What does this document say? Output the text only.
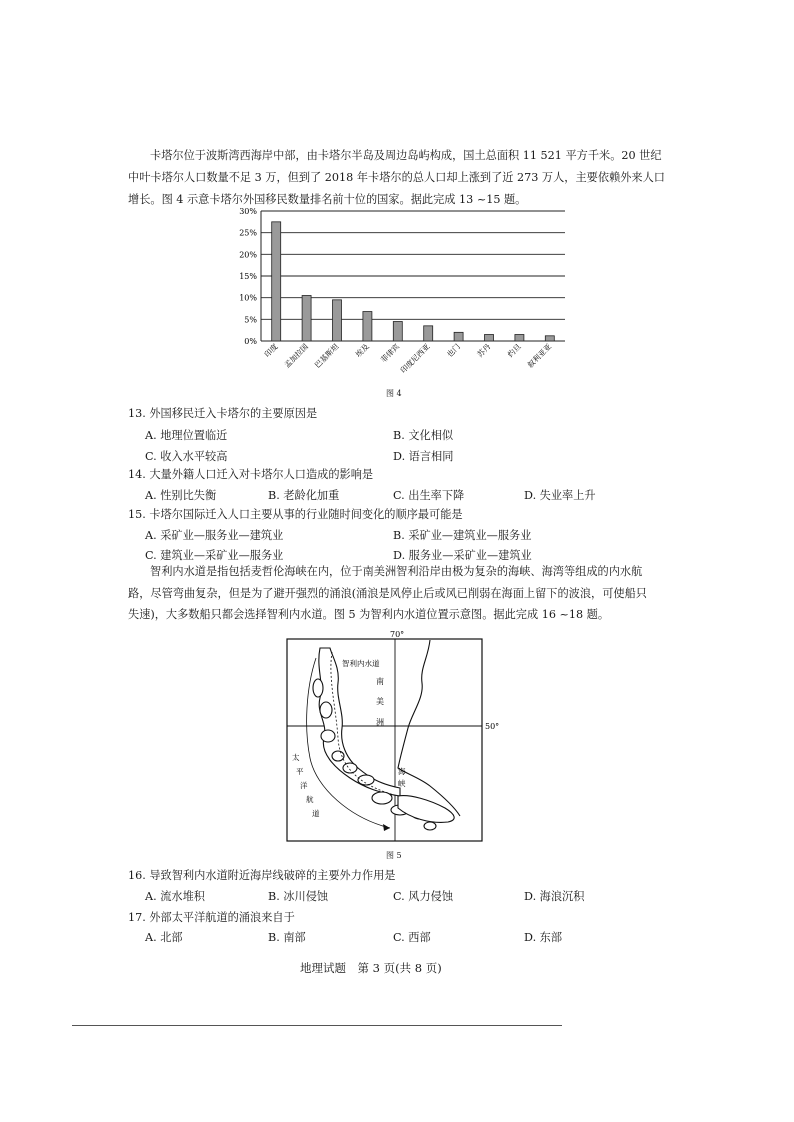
卡塔尔位于波斯湾西海岸中部，由卡塔尔半岛及周边岛屿构成，国土总面积 11 521 平方千米。20 世纪
中叶卡塔尔人口数量不足 3 万，但到了 2018 年卡塔尔的总人口却上涨到了近 273 万人，主要依赖外来人口
增长。图 4 示意卡塔尔外国移民数量排名前十位的国家。据此完成 13 ~15 题。
0%
5%
10%
15%
20%
25%
30%
印度 孟加拉国 巴基斯坦 埃及 菲律宾
印度尼西亚 也门 苏丹 约旦 叙利亚亚
图 4
13. 外国移民迁入卡塔尔的主要原因是
A. 地理位置临近	B. 文化相似
C. 收入水平较高	D. 语言相同
14. 大量外籍人口迁入对卡塔尔人口造成的影响是
A. 性别比失衡	B. 老龄化加重	C. 出生率下降	D. 失业率上升
15. 卡塔尔国际迁入人口主要从事的行业随时间变化的顺序最可能是
A. 采矿业—服务业—建筑业	B. 采矿业—建筑业—服务业
C. 建筑业—采矿业—服务业	D. 服务业—采矿业—建筑业
智利内水道是指包括麦哲伦海峡在内，位于南美洲智利沿岸由极为复杂的海峡、海湾等组成的内水航
路，尽管弯曲复杂，但是为了避开强烈的涌浪(涌浪是风停止后或风已削弱在海面上留下的波浪，可使船只
失速)，大多数船只都会选择智利内水道。图 5 为智利内水道位置示意图。据此完成 16 ~18 题。
70°
50°
智利内水道
南
美
洲
太
平
洋
航
道
海
峡
图 5
16. 导致智利内水道附近海岸线破碎的主要外力作用是
A. 流水堆积	B. 冰川侵蚀	C. 风力侵蚀	D. 海浪沉积
17. 外部太平洋航道的涌浪来自于
A. 北部	B. 南部	C. 西部	D. 东部
地理试题　第 3 页(共 8 页)
